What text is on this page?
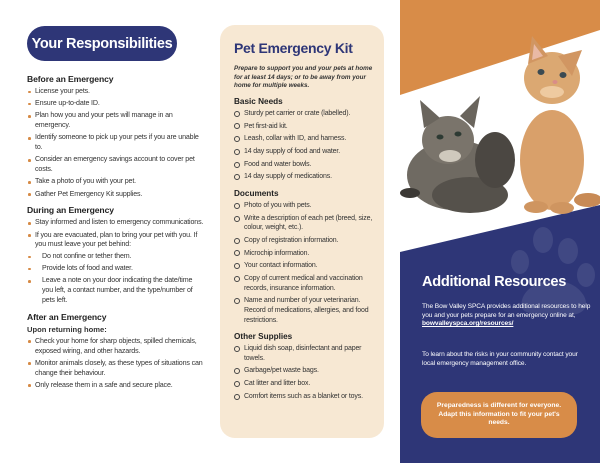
Your Responsibilities
Before an Emergency
License your pets.
Ensure up-to-date ID.
Plan how you and your pets will manage in an emergency.
Identify someone to pick up your pets if you are unable to.
Consider an emergency savings account to cover pet costs.
Take a photo of you with your pet.
Gather Pet Emergency Kit supplies.
During an Emergency
Stay informed and listen to emergency communications.
If you are evacuated, plan to bring your pet with you. If you must leave your pet behind:
Do not confine or tether them.
Provide lots of food and water.
Leave a note on your door indicating the date/time you left, a contact number, and the type/number of pets left.
After an Emergency
Upon returning home:
Check your home for sharp objects, spilled chemicals, exposed wiring, and other hazards.
Monitor animals closely, as these types of situations can change their behaviour.
Only release them in a safe and secure place.
Pet Emergency Kit
Prepare to support you and your pets at home for at least 14 days; or to be away from your home for multiple weeks.
Basic Needs
Sturdy pet carrier or crate (labelled).
Pet first-aid kit.
Leash, collar with ID, and harness.
14 day supply of food and water.
Food and water bowls.
14 day supply of medications.
Documents
Photo of you with pets.
Write a description of each pet (breed, size, colour, weight, etc.).
Copy of registration information.
Microchip information.
Your contact information.
Copy of current medical and vaccination records, insurance information.
Name and number of your veterinarian. Record of medications, allergies, and food restrictions.
Other Supplies
Liquid dish soap, disinfectant and paper towels.
Garbage/pet waste bags.
Cat litter and litter box.
Comfort items such as a blanket or toys.
Additional Resources
The Bow Valley SPCA provides additional resources to help you and your pets prepare for an emergency online at,
bowvalleyspca.org/resources/
To learn about the risks in your community contact your local emergency management office.
Preparedness is different for everyone. Adapt this information to fit your pet's needs.
